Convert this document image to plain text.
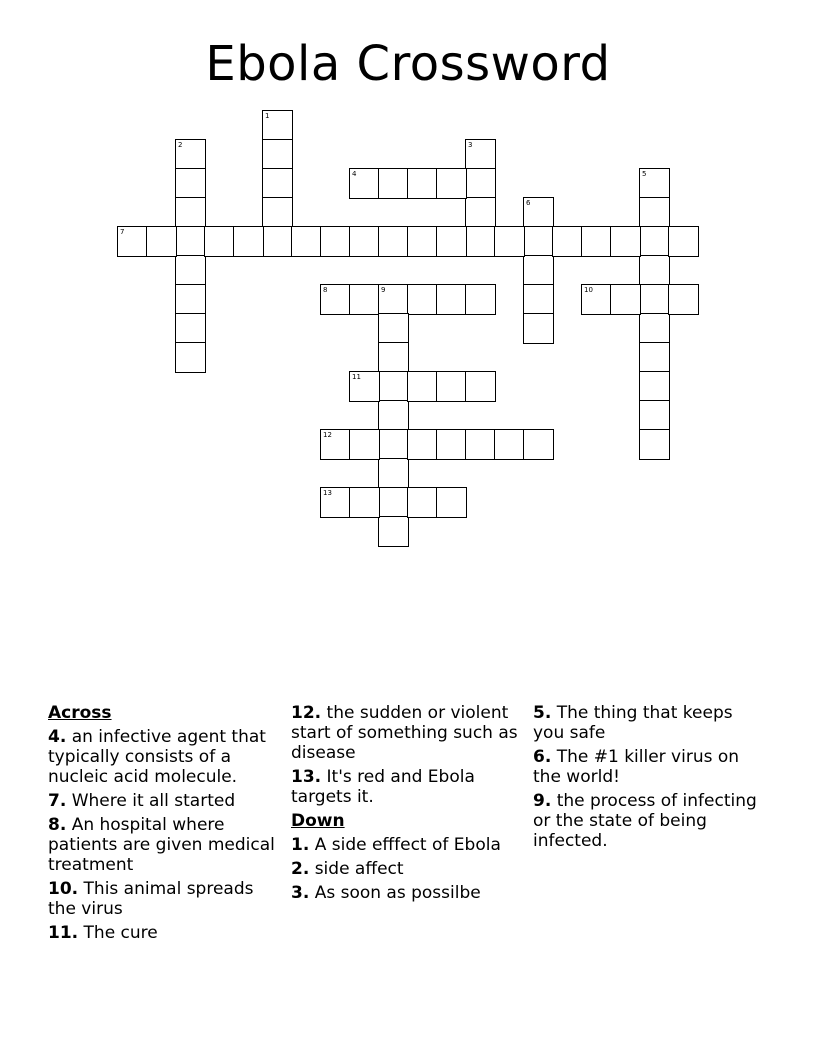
Ebola Crossword
1
2	3
4	5
6
7
8	9	10
11
12
13
Across
4. an infective agent that typically consists of a nucleic acid molecule.
7. Where it all started
8. An hospital where patients are given medical treatment
10. This animal spreads the virus
11. The cure
12. the sudden or violent start of something such as disease
13. It's red and Ebola targets it.
Down
1. A side efffect of Ebola
2. side affect
3. As soon as possilbe
5. The thing that keeps you safe
6. The #1 killer virus on the world!
9. the process of infecting or the state of being infected.
